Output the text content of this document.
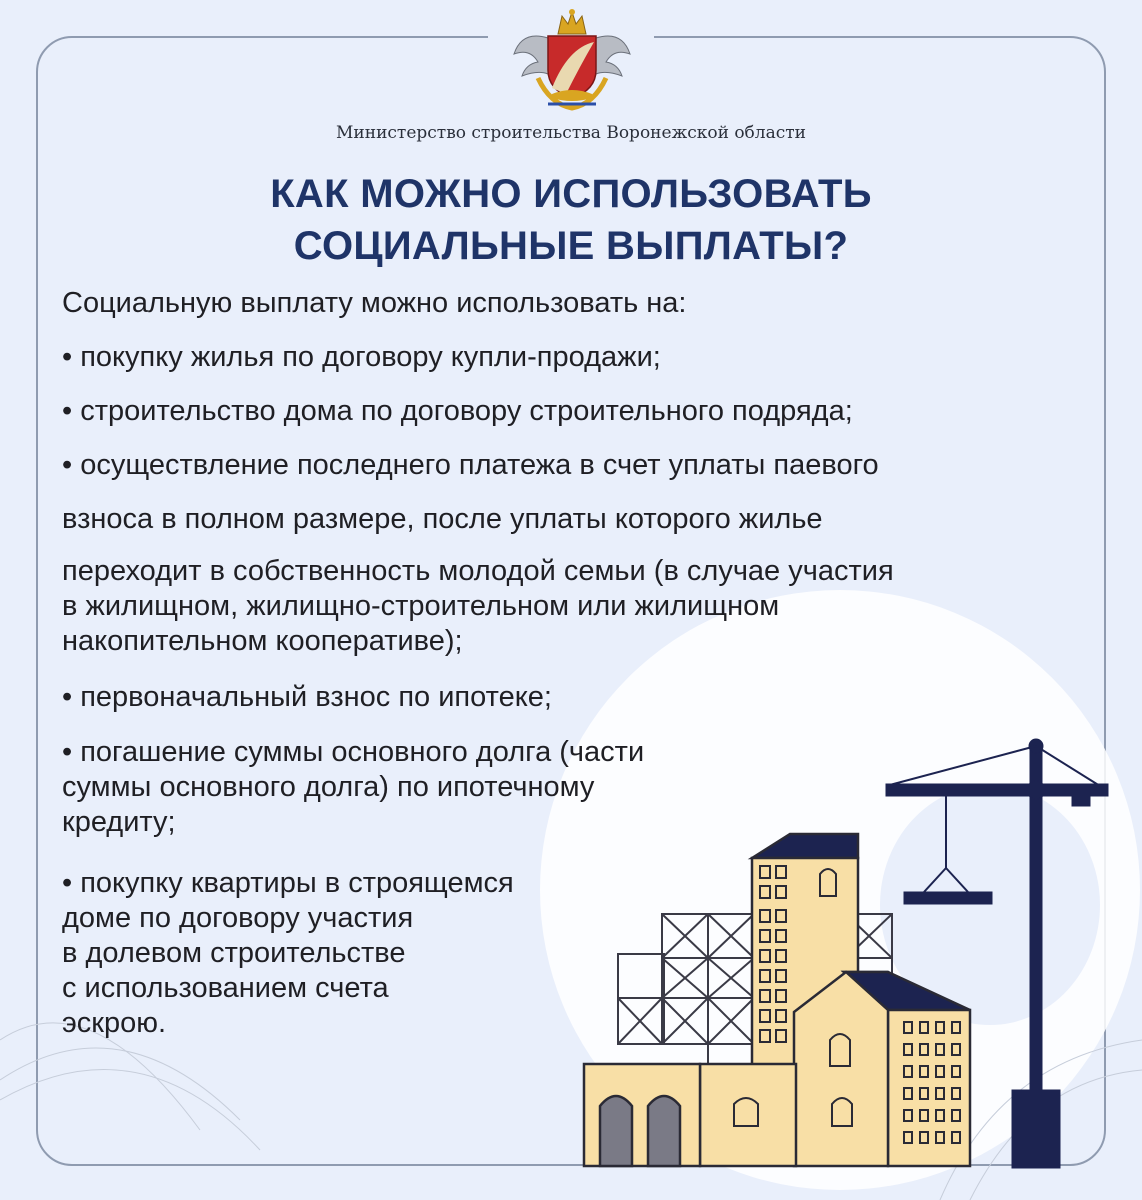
Министерство строительства Воронежской области
КАК МОЖНО ИСПОЛЬЗОВАТЬ
СОЦИАЛЬНЫЕ ВЫПЛАТЫ?
Социальную выплату можно использовать на:
• покупку жилья по договору купли-продажи;
• строительство дома по договору строительного подряда;
• осуществление последнего платежа в счет уплаты паевого
взноса в полном размере, после уплаты которого жилье
переходит в собственность молодой семьи (в случае участия
в жилищном, жилищно-строительном или жилищном
накопительном кооперативе);
• первоначальный взнос по ипотеке;
• погашение суммы основного долга (части
суммы основного долга) по ипотечному
кредиту;
• покупку квартиры в строящемся
доме по договору участия
в долевом строительстве
с использованием счета
эскрою.
